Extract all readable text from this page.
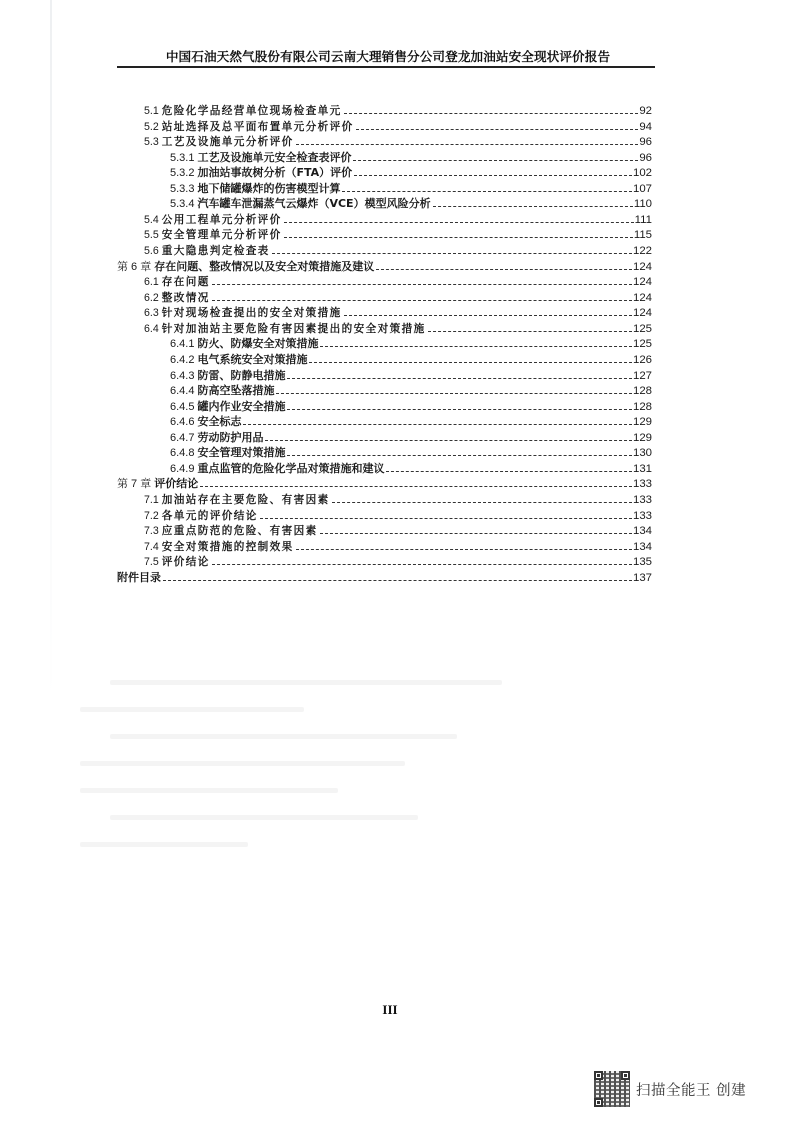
中国石油天然气股份有限公司云南大理销售分公司登龙加油站安全现状评价报告
5.1 危险化学品经营单位现场检查单元	92
5.2 站址选择及总平面布置单元分析评价	94
5.3 工艺及设施单元分析评价	96
5.3.1 工艺及设施单元安全检查表评价	96
5.3.2 加油站事故树分析（FTA）评价	102
5.3.3 地下储罐爆炸的伤害模型计算	107
5.3.4 汽车罐车泄漏蒸气云爆炸（VCE）模型风险分析	110
5.4 公用工程单元分析评价	111
5.5 安全管理单元分析评价	115
5.6 重大隐患判定检查表	122
第 6 章 存在问题、整改情况以及安全对策措施及建议	124
6.1 存在问题	124
6.2 整改情况	124
6.3 针对现场检查提出的安全对策措施	124
6.4 针对加油站主要危险有害因素提出的安全对策措施	125
6.4.1 防火、防爆安全对策措施	125
6.4.2 电气系统安全对策措施	126
6.4.3 防雷、防静电措施	127
6.4.4 防高空坠落措施	128
6.4.5 罐内作业安全措施	128
6.4.6 安全标志	129
6.4.7 劳动防护用品	129
6.4.8 安全管理对策措施	130
6.4.9 重点监管的危险化学品对策措施和建议	131
第 7 章 评价结论	133
7.1 加油站存在主要危险、有害因素	133
7.2 各单元的评价结论	133
7.3 应重点防范的危险、有害因素	134
7.4 安全对策措施的控制效果	134
7.5 评价结论	135
附件目录	137
III
扫描全能王 创建
